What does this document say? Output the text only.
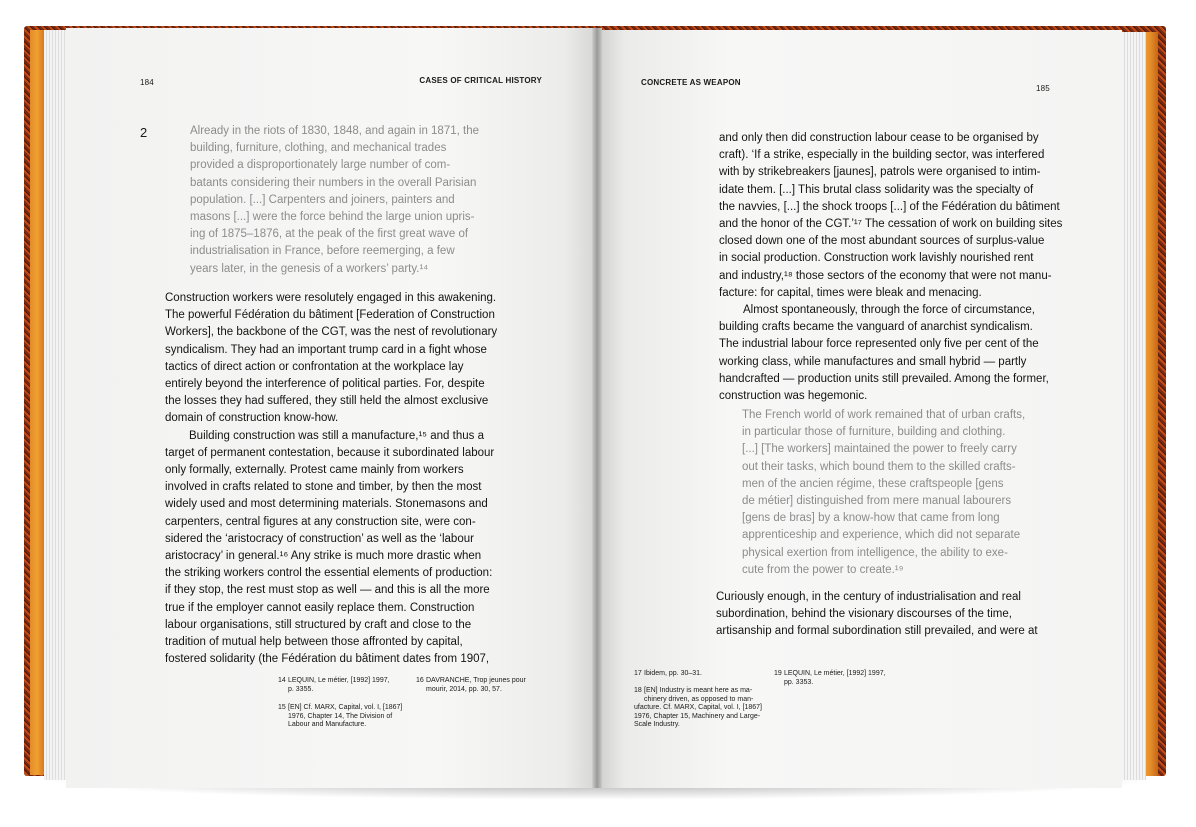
184	CASES OF CRITICAL HISTORY
2	Already in the riots of 1830, 1848, and again in 1871, the
building, furniture, clothing, and mechanical trades
provided a disproportionately large number of com-
batants considering their numbers in the overall Parisian
population. [...] Carpenters and joiners, painters and
masons [...] were the force behind the large union upris-
ing of 1875–1876, at the peak of the first great wave of
industrialisation in France, before reemerging, a few
years later, in the genesis of a workers’ party.¹⁴
Construction workers were resolutely engaged in this awakening.
The powerful Fédération du bâtiment [Federation of Construction
Workers], the backbone of the CGT, was the nest of revolutionary
syndicalism. They had an important trump card in a fight whose
tactics of direct action or confrontation at the workplace lay
entirely beyond the interference of political parties. For, despite
the losses they had suffered, they still held the almost exclusive
domain of construction know-how.
Building construction was still a manufacture,¹⁵ and thus a
target of permanent contestation, because it subordinated labour
only formally, externally. Protest came mainly from workers
involved in crafts related to stone and timber, by then the most
widely used and most determining materials. Stonemasons and
carpenters, central figures at any construction site, were con-
sidered the ‘aristocracy of construction’ as well as the ‘labour
aristocracy’ in general.¹⁶ Any strike is much more drastic when
the striking workers control the essential elements of production:
if they stop, the rest must stop as well — and this is all the more
true if the employer cannot easily replace them. Construction
labour organisations, still structured by craft and close to the
tradition of mutual help between those affronted by capital,
fostered solidarity (the Fédération du bâtiment dates from 1907,
14 LEQUIN, Le métier, [1992] 1997,
p. 3355.
15 [EN] Cf. MARX, Capital, vol. I, [1867]
1976, Chapter 14, The Division of
Labour and Manufacture.
16 DAVRANCHE, Trop jeunes pour
mourir, 2014, pp. 30, 57.
CONCRETE AS WEAPON
185
and only then did construction labour cease to be organised by
craft). ‘If a strike, especially in the building sector, was interfered
with by strikebreakers [jaunes], patrols were organised to intim-
idate them. [...] This brutal class solidarity was the specialty of
the navvies, [...] the shock troops [...] of the Fédération du bâtiment
and the honor of the CGT.’¹⁷ The cessation of work on building sites
closed down one of the most abundant sources of surplus-value
in social production. Construction work lavishly nourished rent
and industry,¹⁸ those sectors of the economy that were not manu-
facture: for capital, times were bleak and menacing.
Almost spontaneously, through the force of circumstance,
building crafts became the vanguard of anarchist syndicalism.
The industrial labour force represented only five per cent of the
working class, while manufactures and small hybrid — partly
handcrafted — production units still prevailed. Among the former,
construction was hegemonic.
The French world of work remained that of urban crafts,
in particular those of furniture, building and clothing.
[...] [The workers] maintained the power to freely carry
out their tasks, which bound them to the skilled crafts-
men of the ancien régime, these craftspeople [gens
de métier] distinguished from mere manual labourers
[gens de bras] by a know-how that came from long
apprenticeship and experience, which did not separate
physical exertion from intelligence, the ability to exe-
cute from the power to create.¹⁹
Curiously enough, in the century of industrialisation and real
subordination, behind the visionary discourses of the time,
artisanship and formal subordination still prevailed, and were at
17 Ibidem, pp. 30–31.
18 [EN] Industry is meant here as ma-
chinery driven, as opposed to man-
ufacture. Cf. MARX, Capital, vol. I, [1867]
1976, Chapter 15, Machinery and Large-
Scale Industry.
19 LEQUIN, Le métier, [1992] 1997,
pp. 3353.
